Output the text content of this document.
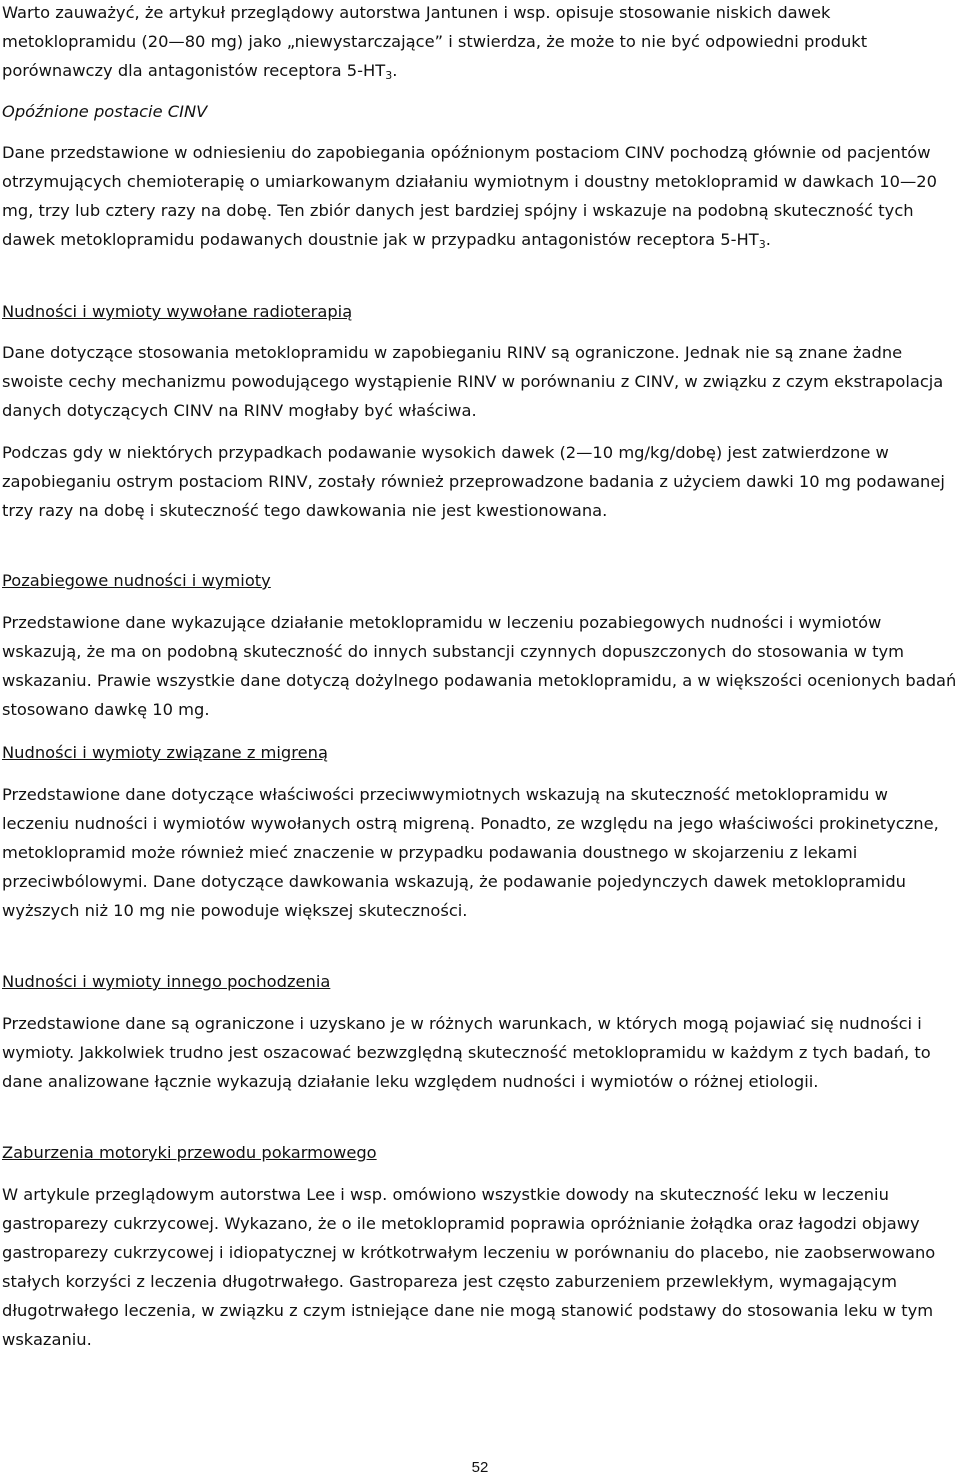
Warto zauważyć, że artykuł przeglądowy autorstwa Jantunen i wsp. opisuje stosowanie niskich dawek metoklopramidu (20—80 mg) jako „niewystarczające” i stwierdza, że może to nie być odpowiedni produkt porównawczy dla antagonistów receptora $5-HT_3$.

Opóźnione postacie CINV

Dane przedstawione w odniesieniu do zapobiegania opóźnionym postaciom CINV pochodzą głównie od pacjentów otrzymujących chemioterapię o umiarkowanym działaniu wymiotnym i doustny metoklopramid w dawkach 10—20 mg, trzy lub cztery razy na dobę. Ten zbiór danych jest bardziej spójny i wskazuje na podobną skuteczność tych dawek metoklopramidu podawanych doustnie jak w przypadku antagonistów receptora $5-HT_3$.

Nudności i wymioty wywołane radioterapią

Dane dotyczące stosowania metoklopramidu w zapobieganiu RINV są ograniczone. Jednak nie są znane żadne swoiste cechy mechanizmu powodującego wystąpienie RINV w porównaniu z CINV, w związku z czym ekstrapolacja danych dotyczących CINV na RINV mogłaby być właściwa.

Podczas gdy w niektórych przypadkach podawanie wysokich dawek (2—10 mg/kg/dobę) jest zatwierdzone w zapobieganiu ostrym postaciom RINV, zostały również przeprowadzone badania z użyciem dawki 10 mg podawanej trzy razy na dobę i skuteczność tego dawkowania nie jest kwestionowana.

Pozabiegowe nudności i wymioty

Przedstawione dane wykazujące działanie metoklopramidu w leczeniu pozabiegowych nudności i wymiotów wskazują, że ma on podobną skuteczność do innych substancji czynnych dopuszczonych do stosowania w tym wskazaniu. Prawie wszystkie dane dotyczą dożylnego podawania metoklopramidu, a w większości ocenionych badań stosowano dawkę 10 mg.

Nudności i wymioty związane z migreną

Przedstawione dane dotyczące właściwości przeciwwymiotnych wskazują na skuteczność metoklopramidu w leczeniu nudności i wymiotów wywołanych ostrą migreną. Ponadto, ze względu na jego właściwości prokinetyczne, metoklopramid może również mieć znaczenie w przypadku podawania doustnego w skojarzeniu z lekami przeciwbólowymi. Dane dotyczące dawkowania wskazują, że podawanie pojedynczych dawek metoklopramidu wyższych niż 10 mg nie powoduje większej skuteczności.

Nudności i wymioty innego pochodzenia

Przedstawione dane są ograniczone i uzyskano je w różnych warunkach, w których mogą pojawiać się nudności i wymioty. Jakkolwiek trudno jest oszacować bezwzględną skuteczność metoklopramidu w każdym z tych badań, to dane analizowane łącznie wykazują działanie leku względem nudności i wymiotów o różnej etiologii.

Zaburzenia motoryki przewodu pokarmowego

W artykule przeglądowym autorstwa Lee i wsp. omówiono wszystkie dowody na skuteczność leku w leczeniu gastroparezy cukrzycowej. Wykazano, że o ile metoklopramid poprawia opróżnianie żołądka oraz łagodzi objawy gastroparezy cukrzycowej i idiopatycznej w krótkotrwałym leczeniu w porównaniu do placebo, nie zaobserwowano stałych korzyści z leczenia długotrwałego. Gastropareza jest często zaburzeniem przewlekłym, wymagającym długotrwałego leczenia, w związku z czym istniejące dane nie mogą stanowić podstawy do stosowania leku w tym wskazaniu.

52
